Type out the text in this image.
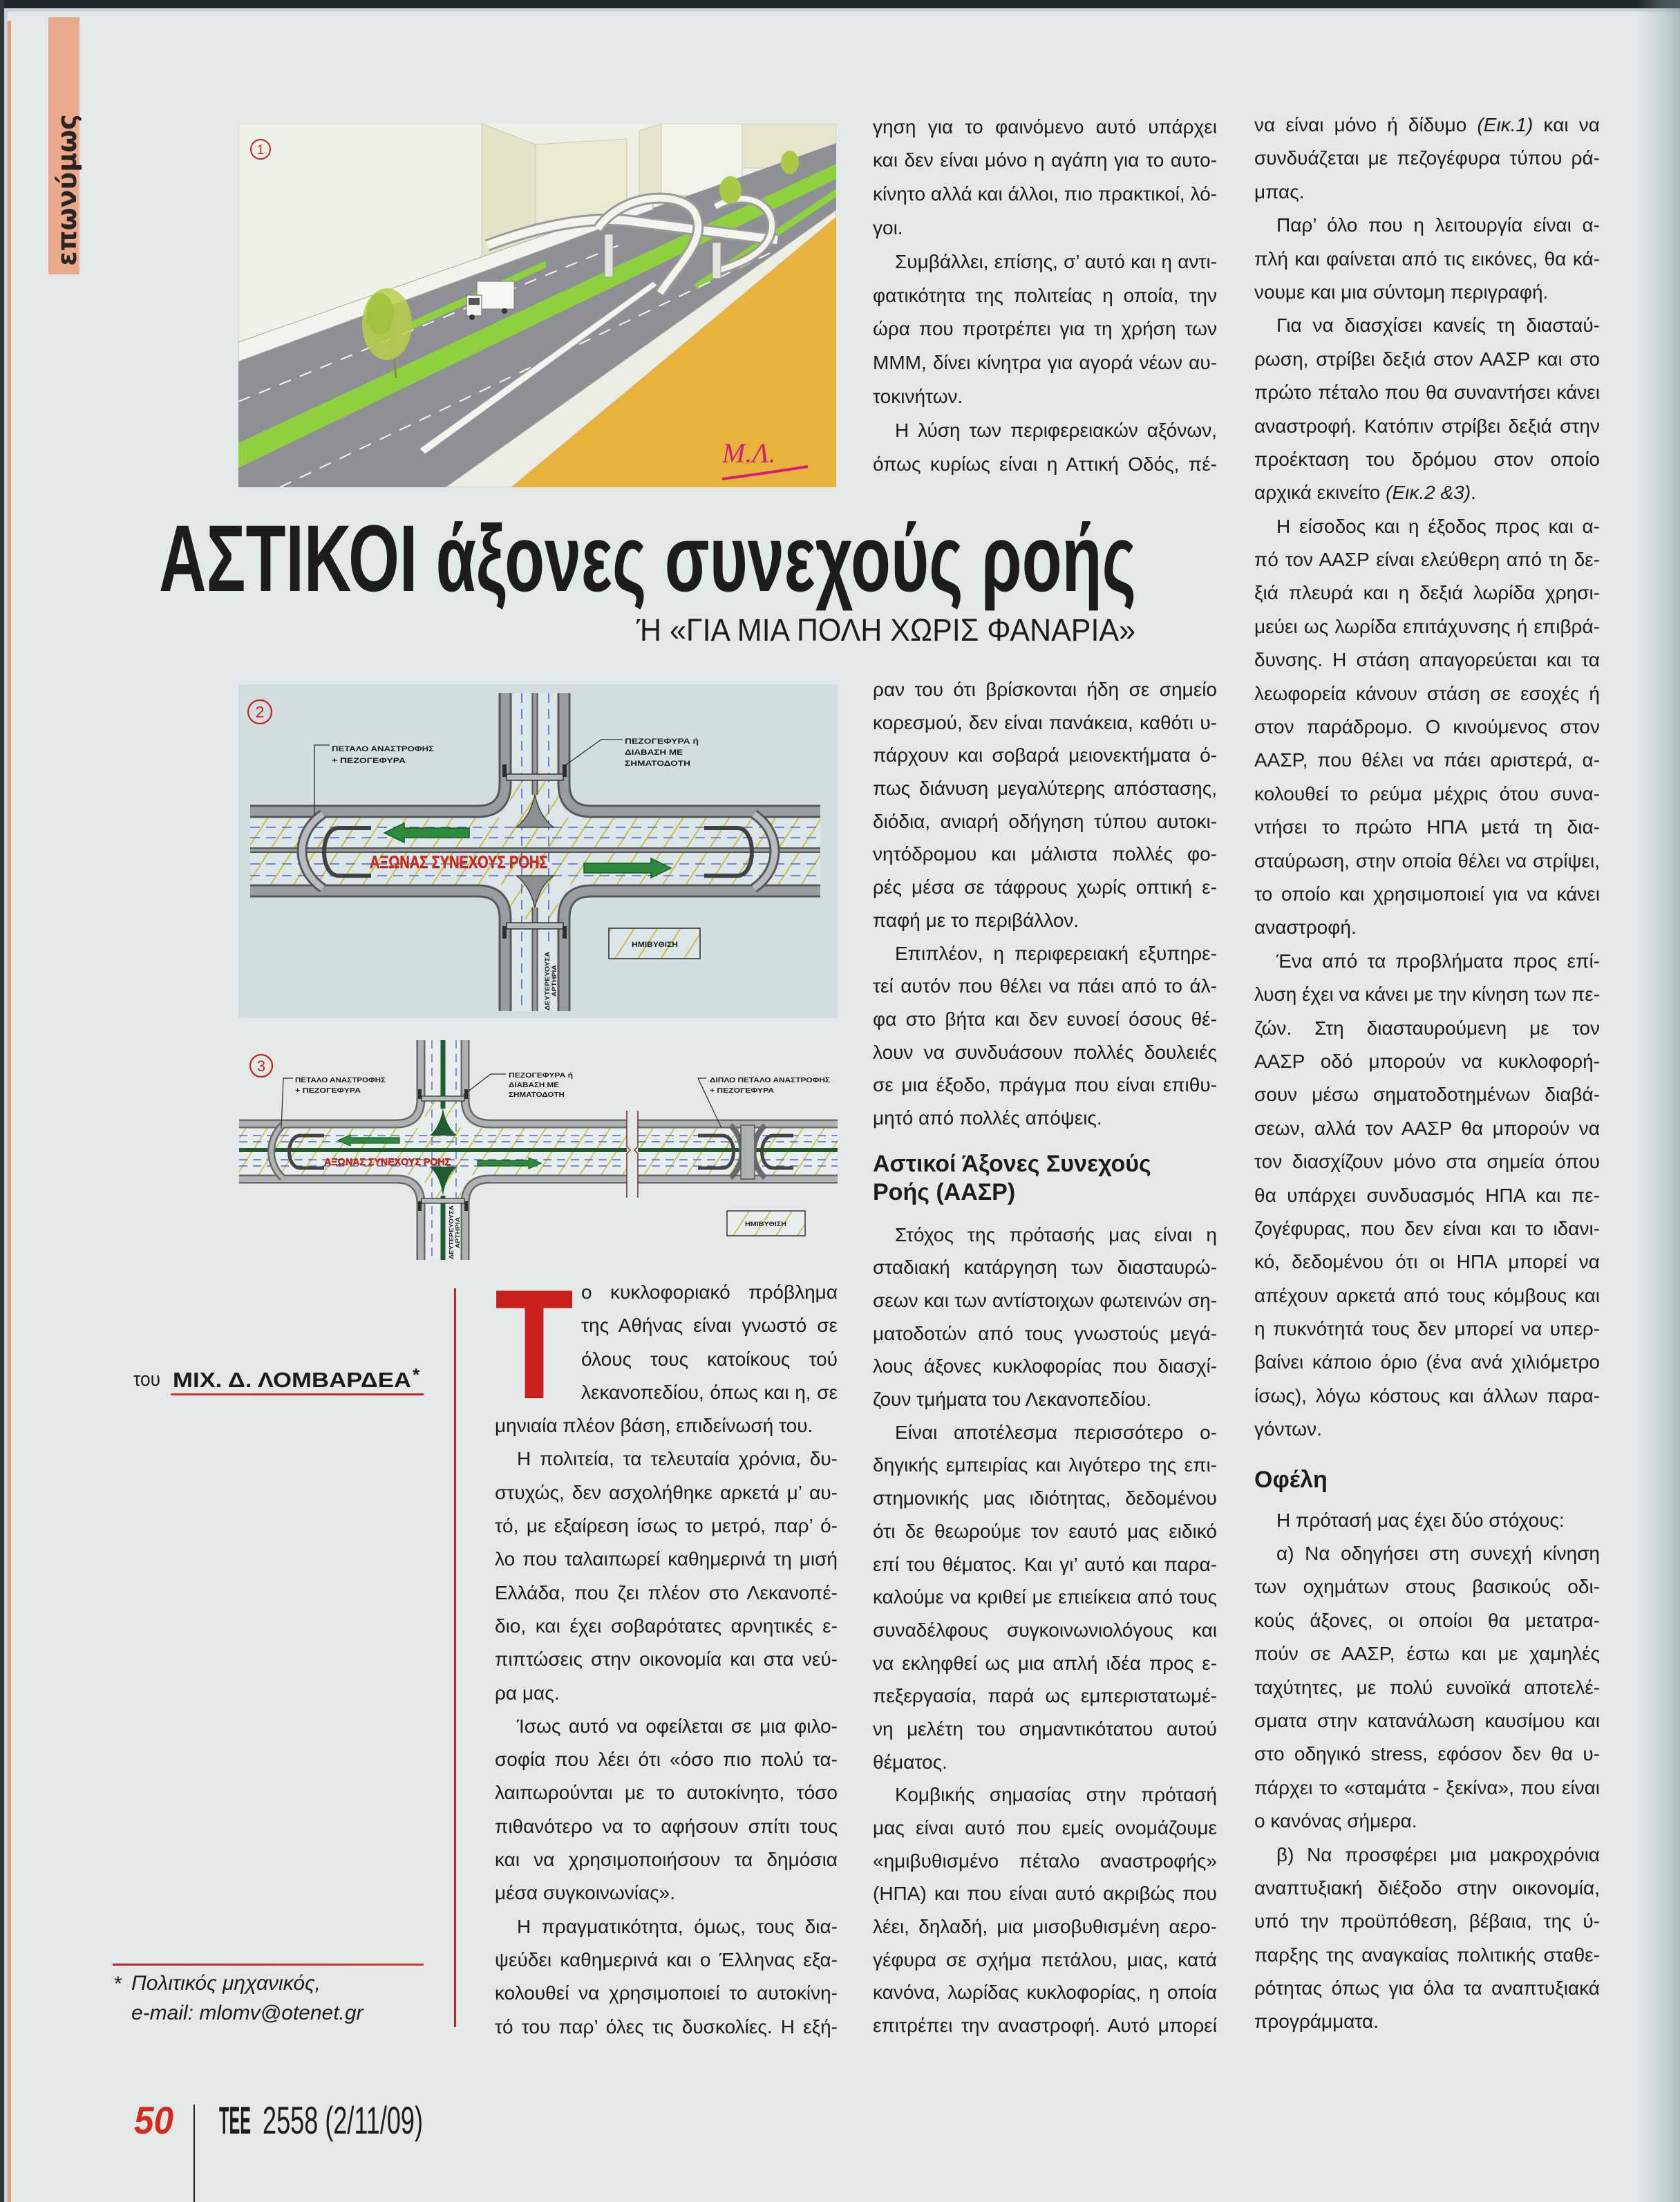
επωνύμως	1
Μ.Λ.
ΑΣΤΙΚΟΙ άξονες συνεχούς ροής
Ή «ΓΙΑ ΜΙΑ ΠΟΛΗ ΧΩΡΙΣ ΦΑΝΑΡΙΑ»
ΑΞΩΝΑΣ ΣΥΝΕΧΟΥΣ ΡΟΗΣ
ΠΕΤΑΛΟ ΑΝΑΣΤΡΟΦΗΣ
+ ΠΕΖΟΓΕΦΥΡΑ
ΠΕΖΟΓΕΦΥΡΑ ή
ΔΙΑΒΑΣΗ ΜΕ
ΣΗΜΑΤΟΔΟΤΗ
ΗΜΙΒΥΘΙΣΗ
ΔΕΥΤΕΡΕΥΟΥΣΑ ΑΡΤΗΡΙΑ
2
ΑΞΩΝΑΣ ΣΥΝΕΧΟΥΣ ΡΟΗΣ
ΠΕΤΑΛΟ ΑΝΑΣΤΡΟΦΗΣ
+ ΠΕΖΟΓΕΦΥΡΑ
ΠΕΖΟΓΕΦΥΡΑ ή
ΔΙΑΒΑΣΗ ΜΕ
ΣΗΜΑΤΟΔΟΤΗ
ΔΙΠΛΟ ΠΕΤΑΛΟ ΑΝΑΣΤΡΟΦΗΣ
+ ΠΕΖΟΓΕΦΥΡΑ
ΗΜΙΒΥΘΙΣΗ
ΔΕΥΤΕΡΕΥΟΥΣΑ ΑΡΤΗΡΙΑ
3
του ΜΙΧ. Δ. ΛΟΜΒΑΡΔΕΑ * Τ ο κυκλοφοριακό πρόβλημα
της Αθήνας είναι γνωστό σε
όλους τους κατοίκους τού
λεκανοπεδίου, όπως και η, σε
μηνιαία πλέον βάση, επιδείνωσή του.
Η πολιτεία, τα τελευταία χρόνια, δυ-
στυχώς, δεν ασχολήθηκε αρκετά μ’ αυ-
τό, με εξαίρεση ίσως το μετρό, παρ’ ό-
λο που ταλαιπωρεί καθημερινά τη μισή
Ελλάδα, που ζει πλέον στο Λεκανοπέ-
διο, και έχει σοβαρότατες αρνητικές ε-
πιπτώσεις στην οικονομία και στα νεύ-
ρα μας.
Ίσως αυτό να οφείλεται σε μια φιλο-
σοφία που λέει ότι «όσο πιο πολύ τα-
λαιπωρούνται με το αυτοκίνητο, τόσο
πιθανότερο να το αφήσουν σπίτι τους
και να χρησιμοποιήσουν τα δημόσια
μέσα συγκοινωνίας».
Η πραγματικότητα, όμως, τους δια-
ψεύδει καθημερινά και ο Έλληνας εξα-
κολουθεί να χρησιμοποιεί το αυτοκίνη-
τό του παρ’ όλες τις δυσκολίες. Η εξή-
γηση για το φαινόμενο αυτό υπάρχει
και δεν είναι μόνο η αγάπη για το αυτο-
κίνητο αλλά και άλλοι, πιο πρακτικοί, λό-
γοι.
Συμβάλλει, επίσης, σ’ αυτό και η αντι-
φατικότητα της πολιτείας η οποία, την
ώρα που προτρέπει για τη χρήση των
ΜΜΜ, δίνει κίνητρα για αγορά νέων αυ-
τοκινήτων.
Η λύση των περιφερειακών αξόνων,
όπως κυρίως είναι η Αττική Οδός, πέ-
ραν του ότι βρίσκονται ήδη σε σημείο
κορεσμού, δεν είναι πανάκεια, καθότι υ-
πάρχουν και σοβαρά μειονεκτήματα ό-
πως διάνυση μεγαλύτερης απόστασης,
διόδια, ανιαρή οδήγηση τύπου αυτοκι-
νητόδρομου και μάλιστα πολλές φο-
ρές μέσα σε τάφρους χωρίς οπτική ε-
παφή με το περιβάλλον.
Επιπλέον, η περιφερειακή εξυπηρε-
τεί αυτόν που θέλει να πάει από το άλ-
φα στο βήτα και δεν ευνοεί όσους θέ-
λουν να συνδυάσουν πολλές δουλειές
σε μια έξοδο, πράγμα που είναι επιθυ-
μητό από πολλές απόψεις.
Αστικοί Άξονες Συνεχούς
Ροής (ΑΑΣΡ)
Στόχος της πρότασής μας είναι η
σταδιακή κατάργηση των διασταυρώ-
σεων και των αντίστοιχων φωτεινών ση-
ματοδοτών από τους γνωστούς μεγά-
λους άξονες κυκλοφορίας που διασχί-
ζουν τμήματα του Λεκανοπεδίου.
Είναι αποτέλεσμα περισσότερο ο-
δηγικής εμπειρίας και λιγότερο της επι-
στημονικής μας ιδιότητας, δεδομένου
ότι δε θεωρούμε τον εαυτό μας ειδικό
επί του θέματος. Και γι’ αυτό και παρα-
καλούμε να κριθεί με επιείκεια από τους
συναδέλφους συγκοινωνιολόγους και
να εκληφθεί ως μια απλή ιδέα προς ε-
πεξεργασία, παρά ως εμπεριστατωμέ-
νη μελέτη του σημαντικότατου αυτού
θέματος.
Κομβικής σημασίας στην πρότασή
μας είναι αυτό που εμείς ονομάζουμε
«ημιβυθισμένο πέταλο αναστροφής»
(ΗΠΑ) και που είναι αυτό ακριβώς που
λέει, δηλαδή, μια μισοβυθισμένη αερο-
γέφυρα σε σχήμα πετάλου, μιας, κατά
κανόνα, λωρίδας κυκλοφορίας, η οποία
επιτρέπει την αναστροφή. Αυτό μπορεί
να είναι μόνο ή δίδυμο (Εικ.1) και να
συνδυάζεται με πεζογέφυρα τύπου ρά-
μπας.
Παρ’ όλο που η λειτουργία είναι α-
πλή και φαίνεται από τις εικόνες, θα κά-
νουμε και μια σύντομη περιγραφή.
Για να διασχίσει κανείς τη διασταύ-
ρωση, στρίβει δεξιά στον ΑΑΣΡ και στο
πρώτο πέταλο που θα συναντήσει κάνει
αναστροφή. Κατόπιν στρίβει δεξιά στην
προέκταση του δρόμου στον οποίο
αρχικά εκινείτο (Εικ.2 &3).
Η είσοδος και η έξοδος προς και α-
πό τον ΑΑΣΡ είναι ελεύθερη από τη δε-
ξιά πλευρά και η δεξιά λωρίδα χρησι-
μεύει ως λωρίδα επιτάχυνσης ή επιβρά-
δυνσης. Η στάση απαγορεύεται και τα
λεωφορεία κάνουν στάση σε εσοχές ή
στον παράδρομο. Ο κινούμενος στον
ΑΑΣΡ, που θέλει να πάει αριστερά, α-
κολουθεί το ρεύμα μέχρις ότου συνα-
ντήσει το πρώτο ΗΠΑ μετά τη δια-
σταύρωση, στην οποία θέλει να στρίψει,
το οποίο και χρησιμοποιεί για να κάνει
αναστροφή.
Ένα από τα προβλήματα προς επί-
λυση έχει να κάνει με την κίνηση των πε-
ζών. Στη διασταυρούμενη με τον
ΑΑΣΡ οδό μπορούν να κυκλοφορή-
σουν μέσω σηματοδοτημένων διαβά-
σεων, αλλά τον ΑΑΣΡ θα μπορούν να
τον διασχίζουν μόνο στα σημεία όπου
θα υπάρχει συνδυασμός ΗΠΑ και πε-
ζογέφυρας, που δεν είναι και το ιδανι-
κό, δεδομένου ότι οι ΗΠΑ μπορεί να
απέχουν αρκετά από τους κόμβους και
η πυκνότητά τους δεν μπορεί να υπερ-
βαίνει κάποιο όριο (ένα ανά χιλιόμετρο
ίσως), λόγω κόστους και άλλων παρα-
γόντων.
Οφέλη
Η πρότασή μας έχει δύο στόχους:
α) Να οδηγήσει στη συνεχή κίνηση
των οχημάτων στους βασικούς οδι-
κούς άξονες, οι οποίοι θα μετατρα-
πούν σε ΑΑΣΡ, έστω και με χαμηλές
ταχύτητες, με πολύ ευνοϊκά αποτελέ-
σματα στην κατανάλωση καυσίμου και
στο οδηγικό stress, εφόσον δεν θα υ-
πάρχει το «σταμάτα - ξεκίνα», που είναι
ο κανόνας σήμερα.
β) Να προσφέρει μια μακροχρόνια
αναπτυξιακή διέξοδο στην οικονομία,
υπό την προϋπόθεση, βέβαια, της ύ-
παρξης της αναγκαίας πολιτικής σταθε-
ρότητας όπως για όλα τα αναπτυξιακά
προγράμματα.
* Πολιτικός μηχανικός,
e-mail: mlomv@otenet.gr
50 ΤΕΕ 2558 (2/11/09)
